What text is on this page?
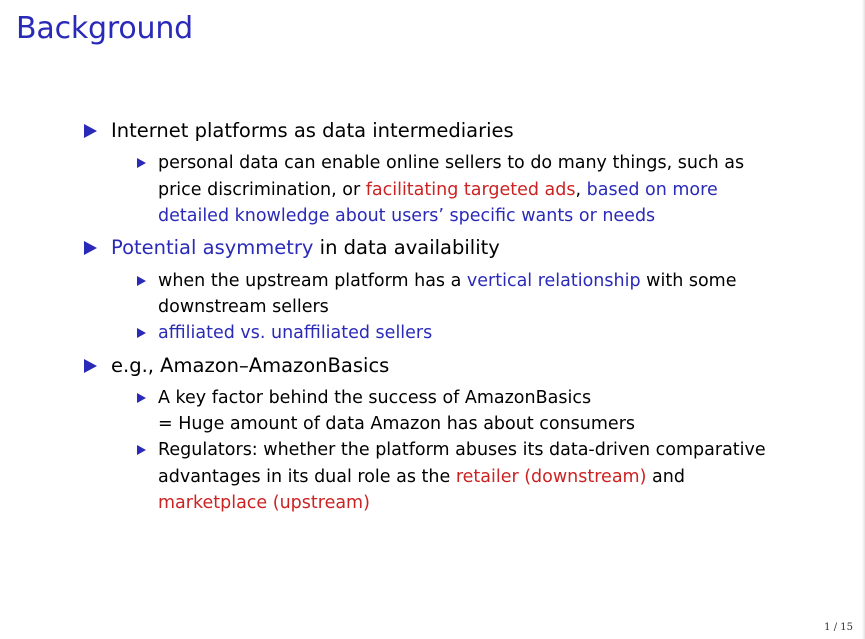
Background
Internet platforms as data intermediaries
personal data can enable online sellers to do many things, such as
price discrimination, or facilitating targeted ads, based on more
detailed knowledge about users’ specific wants or needs
Potential asymmetry in data availability
when the upstream platform has a vertical relationship with some
downstream sellers
affiliated vs. unaffiliated sellers
e.g., Amazon–AmazonBasics
A key factor behind the success of AmazonBasics
= Huge amount of data Amazon has about consumers
Regulators: whether the platform abuses its data-driven comparative
advantages in its dual role as the retailer (downstream) and
marketplace (upstream)
1 / 15
